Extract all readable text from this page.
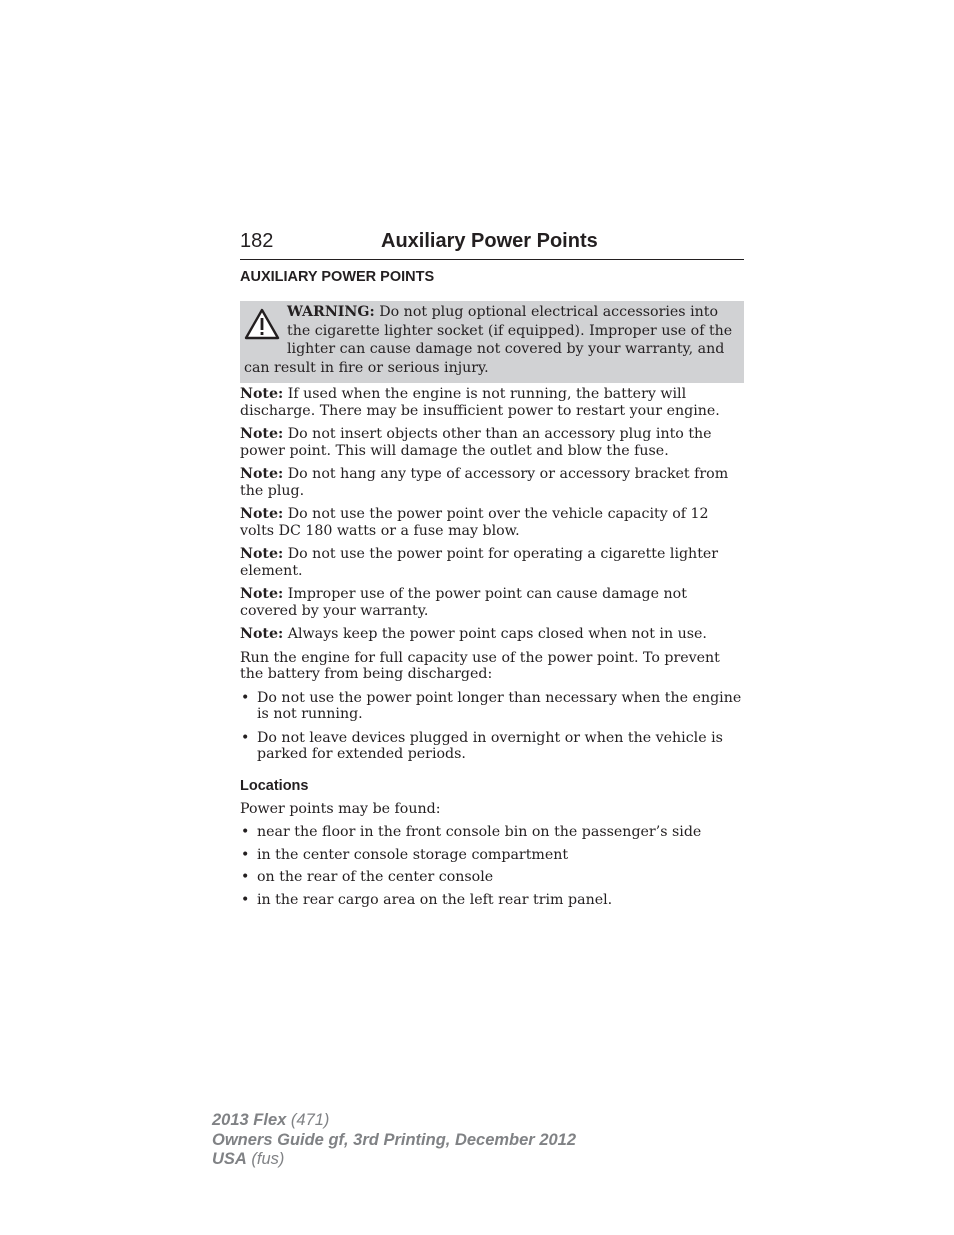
182	Auxiliary Power Points
AUXILIARY POWER POINTS
WARNING: Do not plug optional electrical accessories into the cigarette lighter socket (if equipped). Improper use of the lighter can cause damage not covered by your warranty, and can result in fire or serious injury.

Note: If used when the engine is not running, the battery will discharge. There may be insufficient power to restart your engine.

Note: Do not insert objects other than an accessory plug into the power point. This will damage the outlet and blow the fuse.

Note: Do not hang any type of accessory or accessory bracket from the plug.

Note: Do not use the power point over the vehicle capacity of 12 volts DC 180 watts or a fuse may blow.

Note: Do not use the power point for operating a cigarette lighter element.

Note: Improper use of the power point can cause damage not covered by your warranty.

Note: Always keep the power point caps closed when not in use.

Run the engine for full capacity use of the power point. To prevent the battery from being discharged:

• Do not use the power point longer than necessary when the engine is not running.
• Do not leave devices plugged in overnight or when the vehicle is parked for extended periods.
Locations

Power points may be found:

• near the floor in the front console bin on the passenger’s side
• in the center console storage compartment
• on the rear of the center console
• in the rear cargo area on the left rear trim panel.
2013 Flex (471)
Owners Guide gf, 3rd Printing, December 2012
USA (fus)
